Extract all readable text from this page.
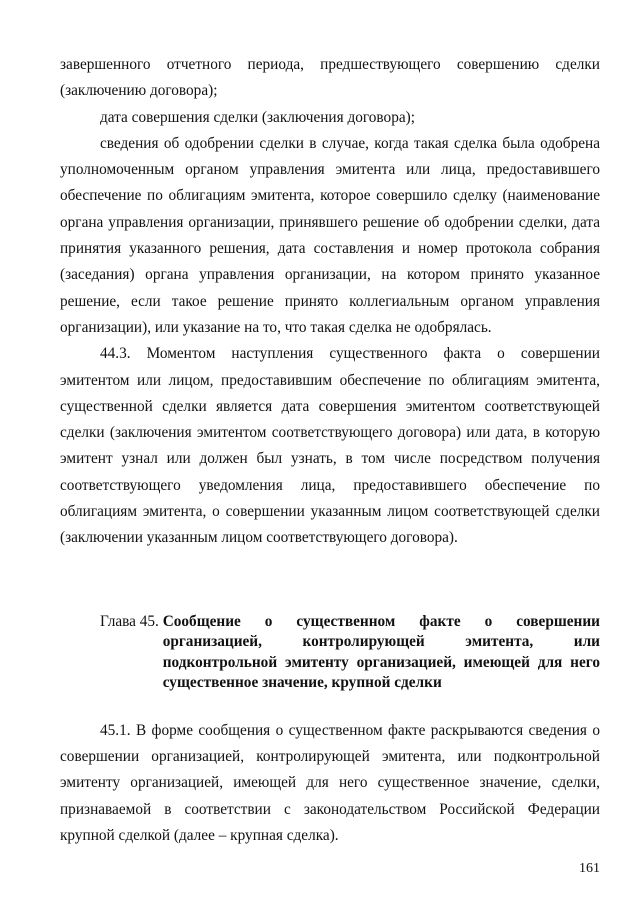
завершенного отчетного периода, предшествующего совершению сделки (заключению договора);

дата совершения сделки (заключения договора);

сведения об одобрении сделки в случае, когда такая сделка была одобрена уполномоченным органом управления эмитента или лица, предоставившего обеспечение по облигациям эмитента, которое совершило сделку (наименование органа управления организации, принявшего решение об одобрении сделки, дата принятия указанного решения, дата составления и номер протокола собрания (заседания) органа управления организации, на котором принято указанное решение, если такое решение принято коллегиальным органом управления организации), или указание на то, что такая сделка не одобрялась.

44.3. Моментом наступления существенного факта о совершении эмитентом или лицом, предоставившим обеспечение по облигациям эмитента, существенной сделки является дата совершения эмитентом соответствующей сделки (заключения эмитентом соответствующего договора) или дата, в которую эмитент узнал или должен был узнать, в том числе посредством получения соответствующего уведомления лица, предоставившего обеспечение по облигациям эмитента, о совершении указанным лицом соответствующей сделки (заключении указанным лицом соответствующего договора).

Глава 45. Сообщение о существенном факте о совершении организацией, контролирующей эмитента, или подконтрольной эмитенту организацией, имеющей для него существенное значение, крупной сделки

45.1. В форме сообщения о существенном факте раскрываются сведения о совершении организацией, контролирующей эмитента, или подконтрольной эмитенту организацией, имеющей для него существенное значение, сделки, признаваемой в соответствии с законодательством Российской Федерации крупной сделкой (далее – крупная сделка).

161
